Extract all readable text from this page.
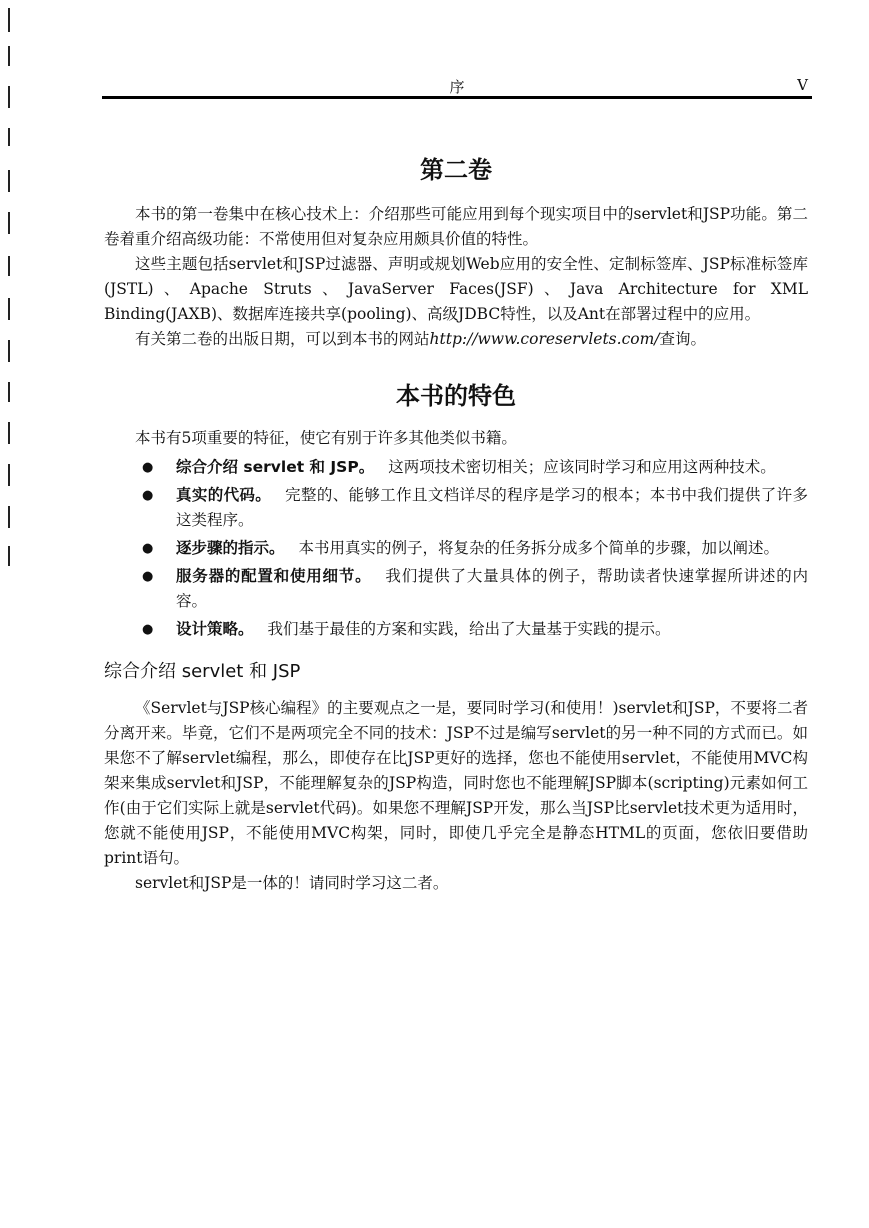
序	V
第二卷

本书的第一卷集中在核心技术上：介绍那些可能应用到每个现实项目中的servlet和JSP功能。第二卷着重介绍高级功能：不常使用但对复杂应用颇具价值的特性。

这些主题包括servlet和JSP过滤器、声明或规划Web应用的安全性、定制标签库、JSP标准标签库(JSTL)、Apache Struts、JavaServer Faces(JSF)、Java Architecture for XML Binding(JAXB)、数据库连接共享(pooling)、高级JDBC特性，以及Ant在部署过程中的应用。

有关第二卷的出版日期，可以到本书的网站http://www.coreservlets.com/查询。

本书的特色

本书有5项重要的特征，使它有别于许多其他类似书籍。

● 综合介绍 servlet 和 JSP。 这两项技术密切相关；应该同时学习和应用这两种技术。
● 真实的代码。 完整的、能够工作且文档详尽的程序是学习的根本；本书中我们提供了许多这类程序。
● 逐步骤的指示。 本书用真实的例子，将复杂的任务拆分成多个简单的步骤，加以阐述。
● 服务器的配置和使用细节。 我们提供了大量具体的例子，帮助读者快速掌握所讲述的内容。
● 设计策略。 我们基于最佳的方案和实践，给出了大量基于实践的提示。
综合介绍 servlet 和 JSP

《Servlet与JSP核心编程》的主要观点之一是，要同时学习(和使用！)servlet和JSP，不要将二者分离开来。毕竟，它们不是两项完全不同的技术：JSP不过是编写servlet的另一种不同的方式而已。如果您不了解servlet编程，那么，即使存在比JSP更好的选择，您也不能使用servlet，不能使用MVC构架来集成servlet和JSP，不能理解复杂的JSP构造，同时您也不能理解JSP脚本(scripting)元素如何工作(由于它们实际上就是servlet代码)。如果您不理解JSP开发，那么当JSP比servlet技术更为适用时，您就不能使用JSP，不能使用MVC构架，同时，即使几乎完全是静态HTML的页面，您依旧要借助print语句。

servlet和JSP是一体的！请同时学习这二者。
